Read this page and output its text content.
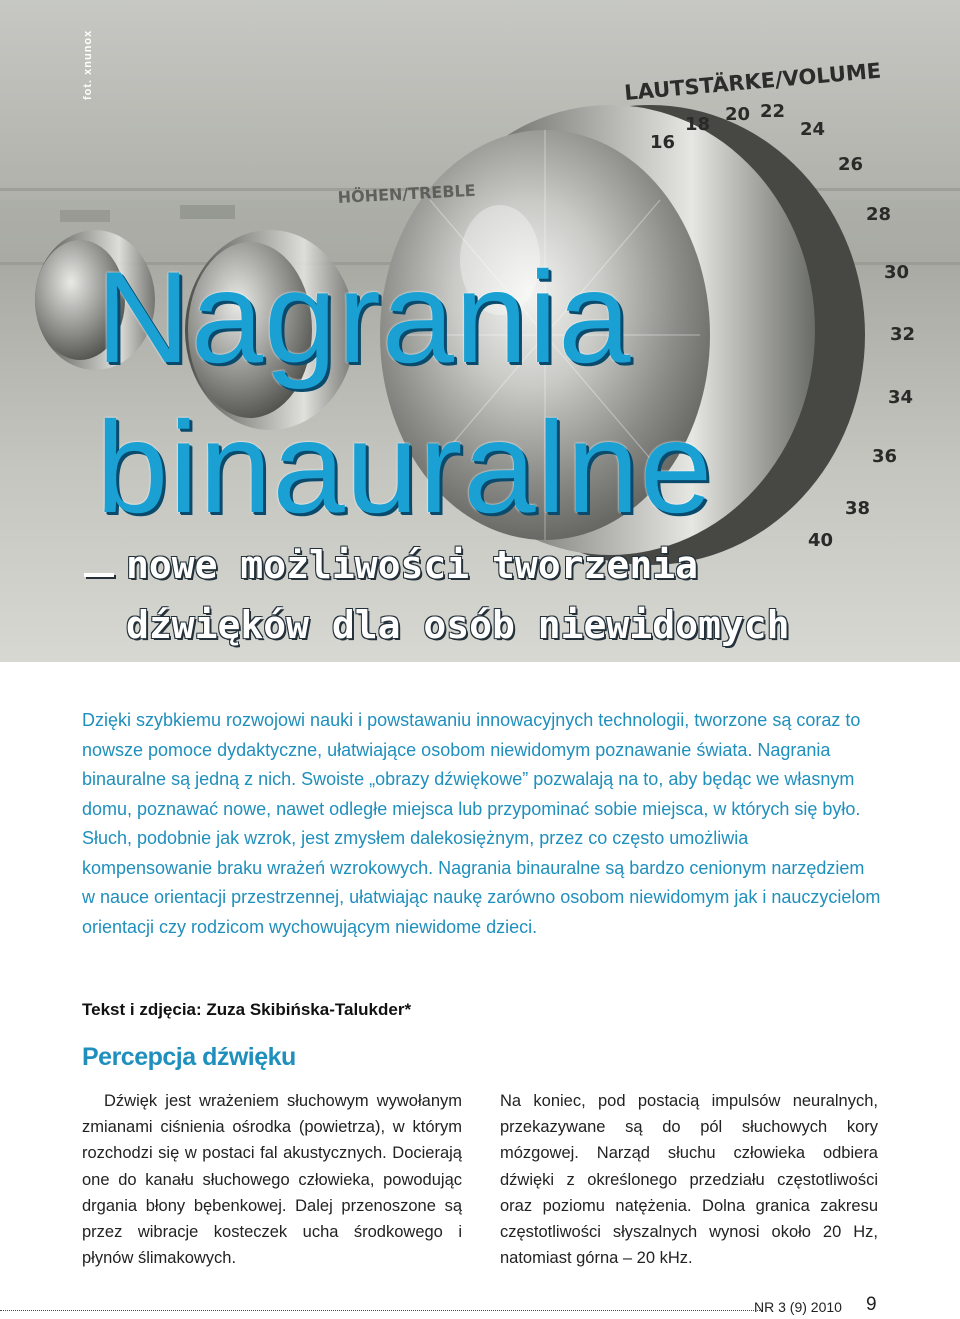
LAUTSTÄRKE/VOLUME
HÖHEN/TREBLE
16
18 20 22
24
26
28
30
32
34
36
38
40
fot. xnunox
Nagrania
binauralne
nowe możliwości tworzenia
dźwięków dla osób niewidomych

Dzięki szybkiemu rozwojowi nauki i powstawaniu innowacyjnych technologii, tworzone są coraz to nowsze pomoce dydaktyczne, ułatwiające osobom niewidomym poznawanie świata. Nagrania binauralne są jedną z nich. Swoiste „obrazy dźwiękowe” pozwalają na to, aby będąc we własnym domu, poznawać nowe, nawet odległe miejsca lub przypominać sobie miejsca, w których się było. Słuch, podobnie jak wzrok, jest zmysłem dalekosiężnym, przez co często umożliwia kompensowanie braku wrażeń wzrokowych. Nagrania binauralne są bardzo cenionym narzędziem w nauce orientacji przestrzennej, ułatwiając naukę zarówno osobom niewidomym jak i nauczycielom orientacji czy rodzicom wychowującym niewidome dzieci.

Tekst i zdjęcia: Zuza Skibińska-Talukder*
Percepcja dźwięku

Dźwięk jest wrażeniem słuchowym wywołanym zmianami ciśnienia ośrodka (powietrza), w którym rozchodzi się w postaci fal akustycznych. Docierają one do kanału słuchowego człowieka, powodując drgania błony bębenkowej. Dalej przenoszone są przez wibracje kosteczek ucha środkowego i płynów ślimakowych.

Na koniec, pod postacią impulsów neuralnych, przekazywane są do pól słuchowych kory mózgowej. Narząd słuchu człowieka odbiera dźwięki z określonego przedziału częstotliwości oraz poziomu natężenia. Dolna granica zakresu częstotliwości słyszalnych wynosi około 20 Hz, natomiast górna – 20 kHz.

NR 3 (9) 2010 9
